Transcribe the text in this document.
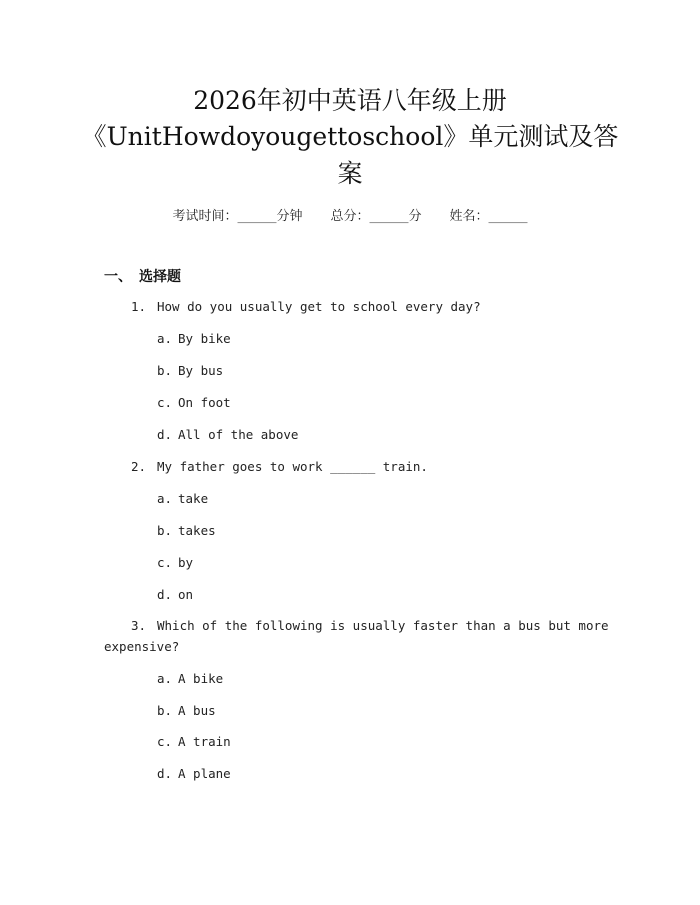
2026年初中英语八年级上册
《UnitHowdoyougettoschool》单元测试及答
案
考试时间：______分钟 总分：______分 姓名：______
一、 选择题
1. How do you usually get to school every day?
a. By bike
b. By bus
c. On foot
d. All of the above
2. My father goes to work ______ train.
a. take
b. takes
c. by
d. on
3. Which of the following is usually faster than a bus but more
expensive?
a. A bike
b. A bus
c. A train
d. A plane
